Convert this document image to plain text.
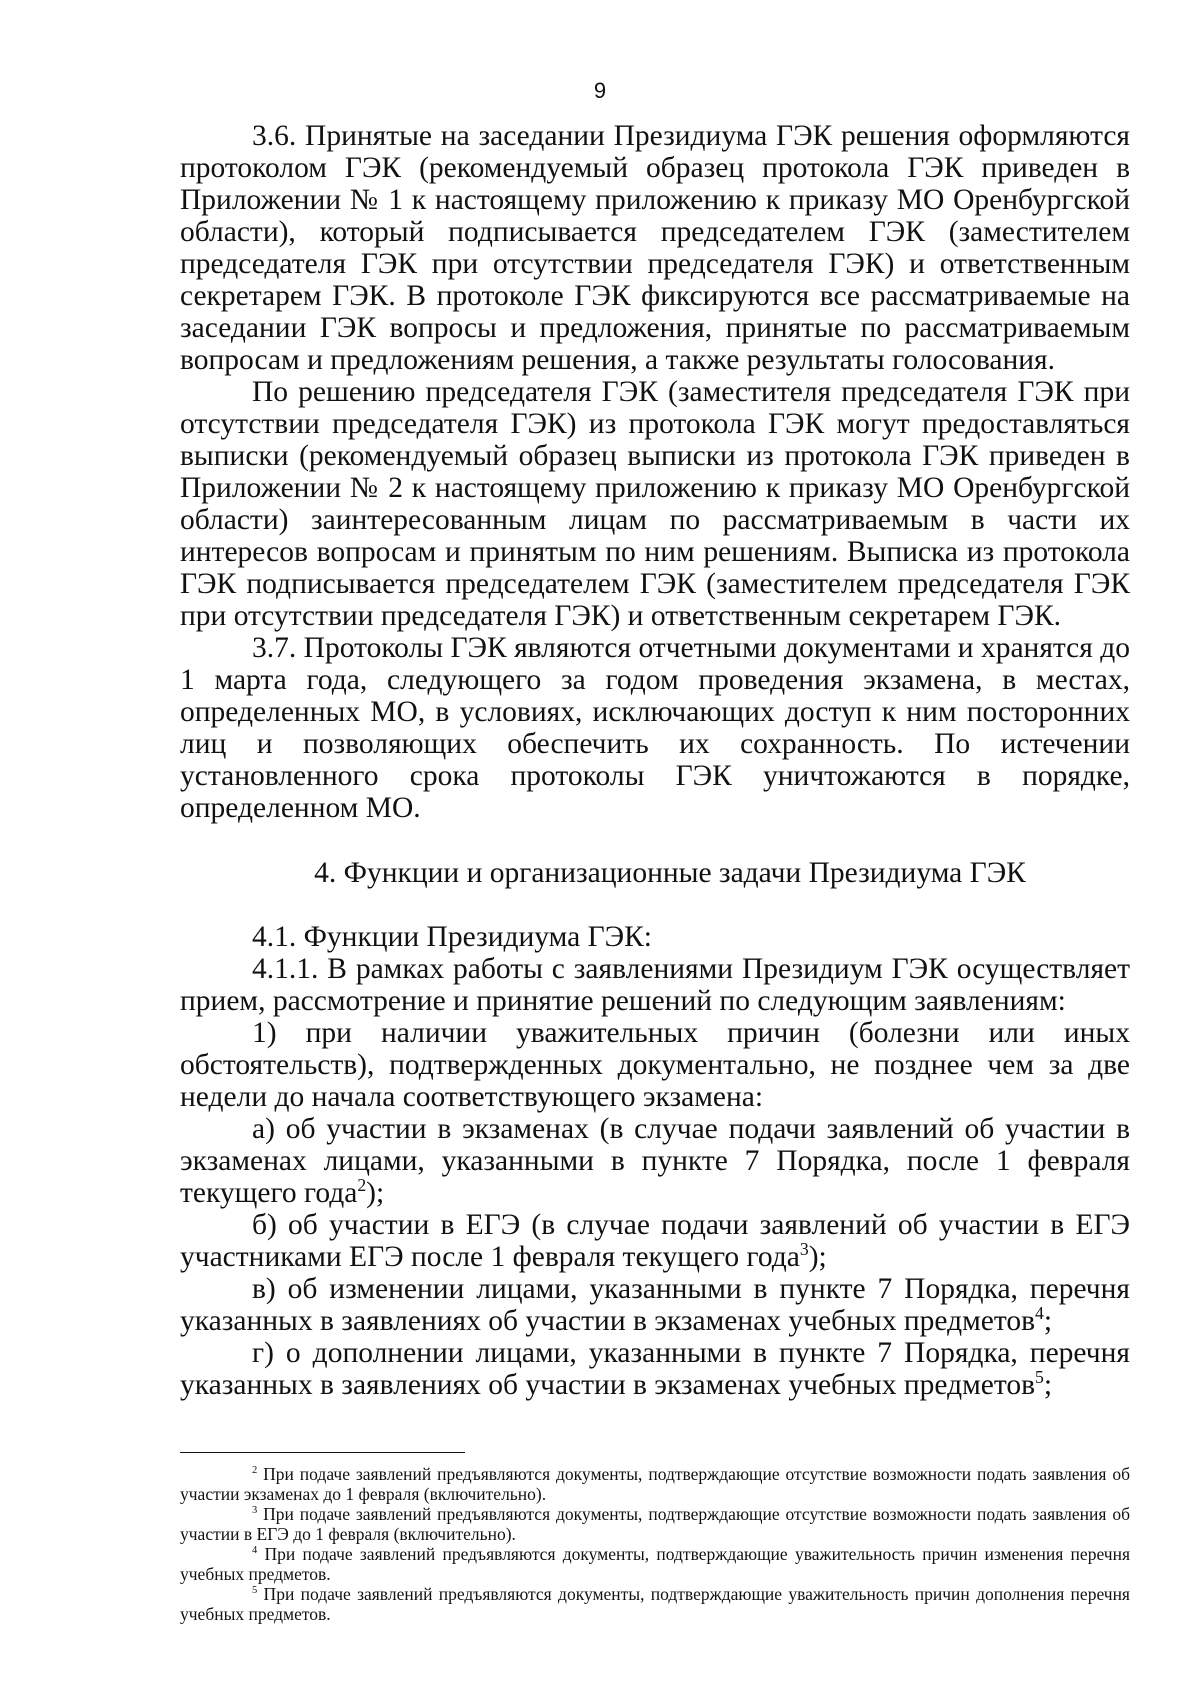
9

3.6. Принятые на заседании Президиума ГЭК решения оформляются протоколом ГЭК (рекомендуемый образец протокола ГЭК приведен в Приложении № 1 к настоящему приложению к приказу МО Оренбургской области), который подписывается председателем ГЭК (заместителем председателя ГЭК при отсутствии председателя ГЭК) и ответственным секретарем ГЭК. В протоколе ГЭК фиксируются все рассматриваемые на заседании ГЭК вопросы и предложения, принятые по рассматриваемым вопросам и предложениям решения, а также результаты голосования.

По решению председателя ГЭК (заместителя председателя ГЭК при отсутствии председателя ГЭК) из протокола ГЭК могут предоставляться выписки (рекомендуемый образец выписки из протокола ГЭК приведен в Приложении № 2 к настоящему приложению к приказу МО Оренбургской области) заинтересованным лицам по рассматриваемым в части их интересов вопросам и принятым по ним решениям. Выписка из протокола ГЭК подписывается председателем ГЭК (заместителем председателя ГЭК при отсутствии председателя ГЭК) и ответственным секретарем ГЭК.

3.7. Протоколы ГЭК являются отчетными документами и хранятся до 1 марта года, следующего за годом проведения экзамена, в местах, определенных МО, в условиях, исключающих доступ к ним посторонних лиц и позволяющих обеспечить их сохранность. По истечении установленного срока протоколы ГЭК уничтожаются в порядке, определенном МО.

4. Функции и организационные задачи Президиума ГЭК

4.1. Функции Президиума ГЭК:

4.1.1. В рамках работы с заявлениями Президиум ГЭК осуществляет прием, рассмотрение и принятие решений по следующим заявлениям:

1) при наличии уважительных причин (болезни или иных обстоятельств), подтвержденных документально, не позднее чем за две недели до начала соответствующего экзамена:

а) об участии в экзаменах (в случае подачи заявлений об участии в экзаменах лицами, указанными в пункте 7 Порядка, после 1 февраля текущего года$^2$);

б) об участии в ЕГЭ (в случае подачи заявлений об участии в ЕГЭ участниками ЕГЭ после 1 февраля текущего года$^3$);

в) об изменении лицами, указанными в пункте 7 Порядка, перечня указанных в заявлениях об участии в экзаменах учебных предметов$^4$;

г) о дополнении лицами, указанными в пункте 7 Порядка, перечня указанных в заявлениях об участии в экзаменах учебных предметов$^5$;

$^2$ При подаче заявлений предъявляются документы, подтверждающие отсутствие возможности подать заявления об участии экзаменах до 1 февраля (включительно).

$^3$ При подаче заявлений предъявляются документы, подтверждающие отсутствие возможности подать заявления об участии в ЕГЭ до 1 февраля (включительно).

$^4$ При подаче заявлений предъявляются документы, подтверждающие уважительность причин изменения перечня учебных предметов.

$^5$ При подаче заявлений предъявляются документы, подтверждающие уважительность причин дополнения перечня учебных предметов.
